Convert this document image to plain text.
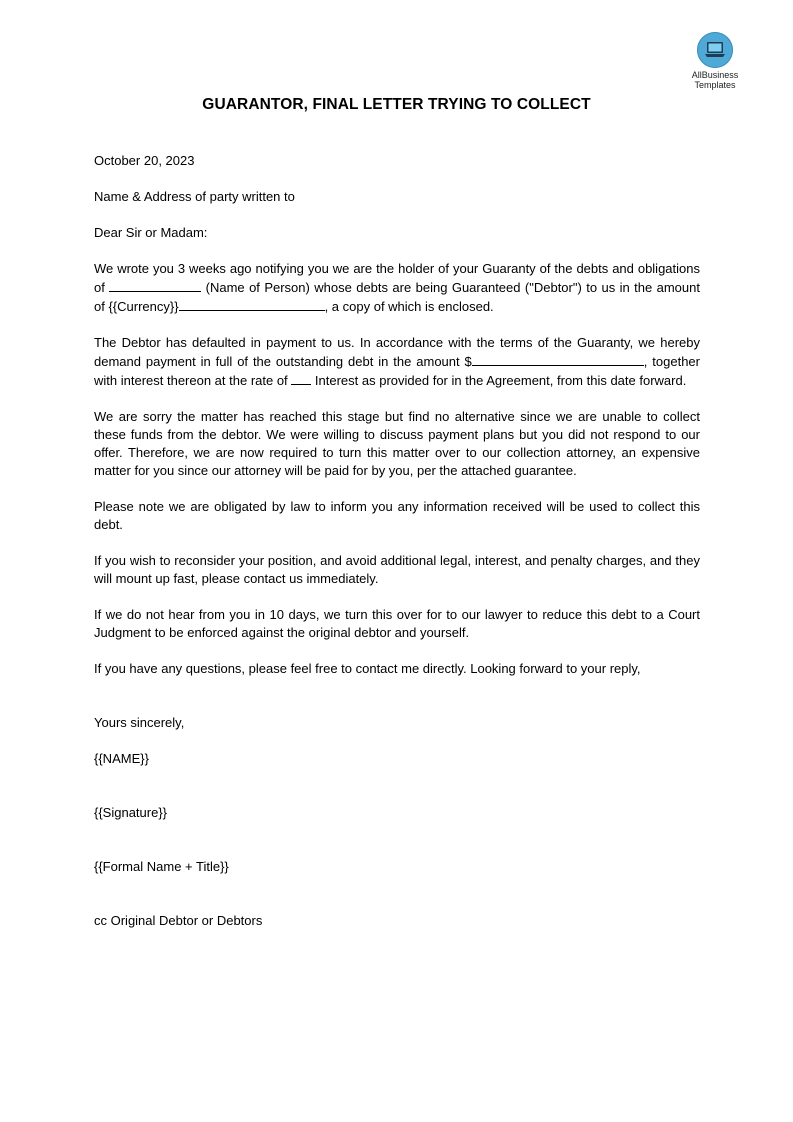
AllBusiness
Templates
GUARANTOR, FINAL LETTER TRYING TO COLLECT

October 20, 2023

Name & Address of party written to

Dear Sir or Madam:

We wrote you 3 weeks ago notifying you we are the holder of your Guaranty of the debts and obligations of	(Name of Person) whose debts are being Guaranteed ("Debtor") to us in the amount of {{Currency}}	, a copy of which is enclosed.

The Debtor has defaulted in payment to us. In accordance with the terms of the Guaranty, we hereby demand payment in full of the outstanding debt in the amount $	, together with interest thereon at the rate of Interest as provided for in the Agreement, from this date forward.

We are sorry the matter has reached this stage but find no alternative since we are unable to collect these funds from the debtor. We were willing to discuss payment plans but you did not respond to our offer. Therefore, we are now required to turn this matter over to our collection attorney, an expensive matter for you since our attorney will be paid for by you, per the attached guarantee.

Please note we are obligated by law to inform you any information received will be used to collect this debt.

If you wish to reconsider your position, and avoid additional legal, interest, and penalty charges, and they will mount up fast, please contact us immediately.

If we do not hear from you in 10 days, we turn this over for to our lawyer to reduce this debt to a Court Judgment to be enforced against the original debtor and yourself.

If you have any questions, please feel free to contact me directly. Looking forward to your reply,

Yours sincerely,

{{NAME}}

{{Signature}}

{{Formal Name + Title}}

cc Original Debtor or Debtors
